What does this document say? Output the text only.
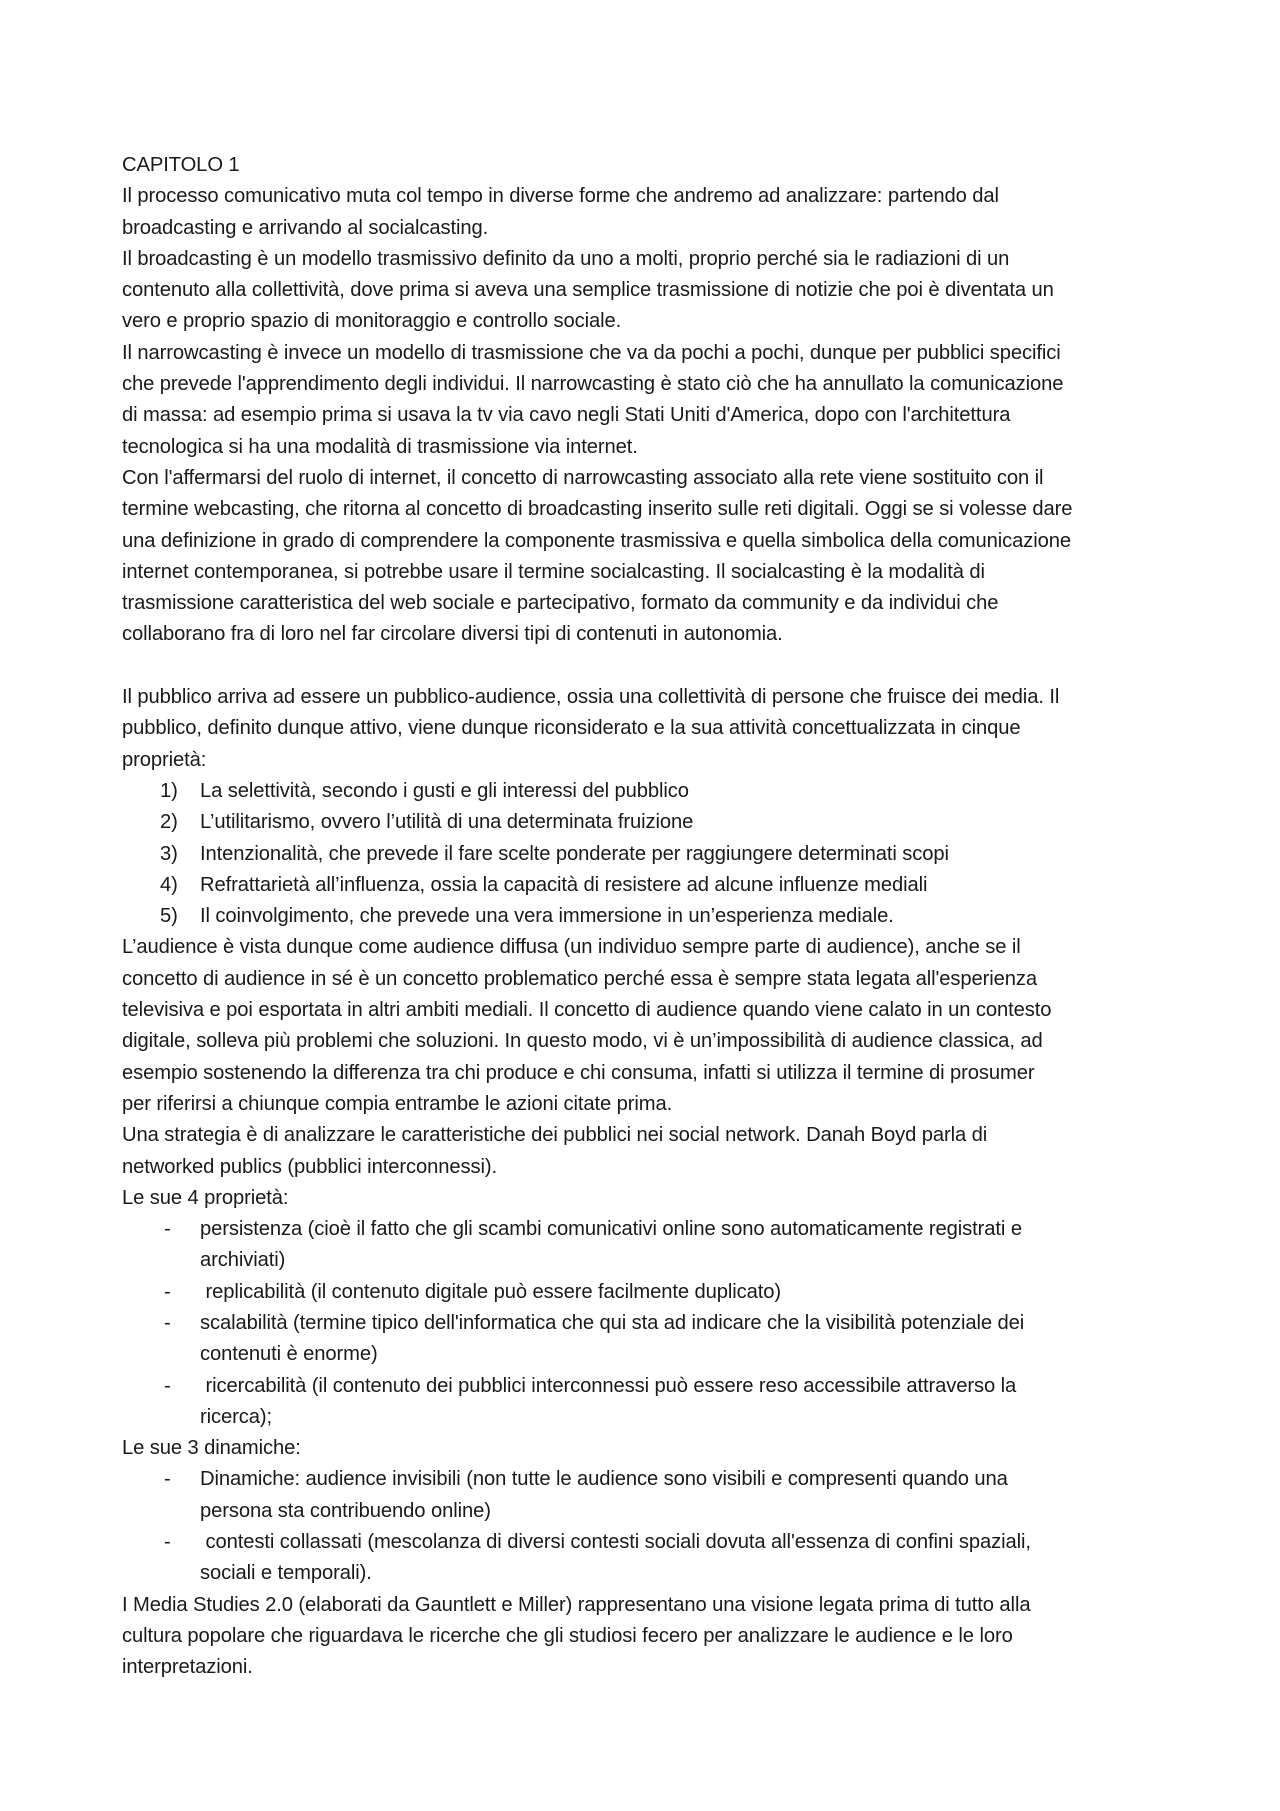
CAPITOLO 1
Il processo comunicativo muta col tempo in diverse forme che andremo ad analizzare: partendo dal
broadcasting e arrivando al socialcasting.
Il broadcasting è un modello trasmissivo definito da uno a molti, proprio perché sia le radiazioni di un
contenuto alla collettività, dove prima si aveva una semplice trasmissione di notizie che poi è diventata un
vero e proprio spazio di monitoraggio e controllo sociale.
Il narrowcasting è invece un modello di trasmissione che va da pochi a pochi, dunque per pubblici specifici
che prevede l'apprendimento degli individui. Il narrowcasting è stato ciò che ha annullato la comunicazione
di massa: ad esempio prima si usava la tv via cavo negli Stati Uniti d'America, dopo con l'architettura
tecnologica si ha una modalità di trasmissione via internet.
Con l'affermarsi del ruolo di internet, il concetto di narrowcasting associato alla rete viene sostituito con il
termine webcasting, che ritorna al concetto di broadcasting inserito sulle reti digitali. Oggi se si volesse dare
una definizione in grado di comprendere la componente trasmissiva e quella simbolica della comunicazione
internet contemporanea, si potrebbe usare il termine socialcasting. Il socialcasting è la modalità di
trasmissione caratteristica del web sociale e partecipativo, formato da community e da individui che
collaborano fra di loro nel far circolare diversi tipi di contenuti in autonomia.
Il pubblico arriva ad essere un pubblico-audience, ossia una collettività di persone che fruisce dei media. Il
pubblico, definito dunque attivo, viene dunque riconsiderato e la sua attività concettualizzata in cinque
proprietà:
1) La selettività, secondo i gusti e gli interessi del pubblico
2) L’utilitarismo, ovvero l’utilità di una determinata fruizione
3) Intenzionalità, che prevede il fare scelte ponderate per raggiungere determinati scopi
4) Refrattarietà all’influenza, ossia la capacità di resistere ad alcune influenze mediali
5) Il coinvolgimento, che prevede una vera immersione in un’esperienza mediale.
L’audience è vista dunque come audience diffusa (un individuo sempre parte di audience), anche se il
concetto di audience in sé è un concetto problematico perché essa è sempre stata legata all'esperienza
televisiva e poi esportata in altri ambiti mediali. Il concetto di audience quando viene calato in un contesto
digitale, solleva più problemi che soluzioni. In questo modo, vi è un’impossibilità di audience classica, ad
esempio sostenendo la differenza tra chi produce e chi consuma, infatti si utilizza il termine di prosumer
per riferirsi a chiunque compia entrambe le azioni citate prima.
Una strategia è di analizzare le caratteristiche dei pubblici nei social network. Danah Boyd parla di
networked publics (pubblici interconnessi).
Le sue 4 proprietà:
- persistenza (cioè il fatto che gli scambi comunicativi online sono automaticamente registrati e
archiviati)
- replicabilità (il contenuto digitale può essere facilmente duplicato)
- scalabilità (termine tipico dell'informatica che qui sta ad indicare che la visibilità potenziale dei
contenuti è enorme)
- ricercabilità (il contenuto dei pubblici interconnessi può essere reso accessibile attraverso la
ricerca);
Le sue 3 dinamiche:
- Dinamiche: audience invisibili (non tutte le audience sono visibili e compresenti quando una
persona sta contribuendo online)
- contesti collassati (mescolanza di diversi contesti sociali dovuta all'essenza di confini spaziali,
sociali e temporali).
I Media Studies 2.0 (elaborati da Gauntlett e Miller) rappresentano una visione legata prima di tutto alla
cultura popolare che riguardava le ricerche che gli studiosi fecero per analizzare le audience e le loro
interpretazioni.
